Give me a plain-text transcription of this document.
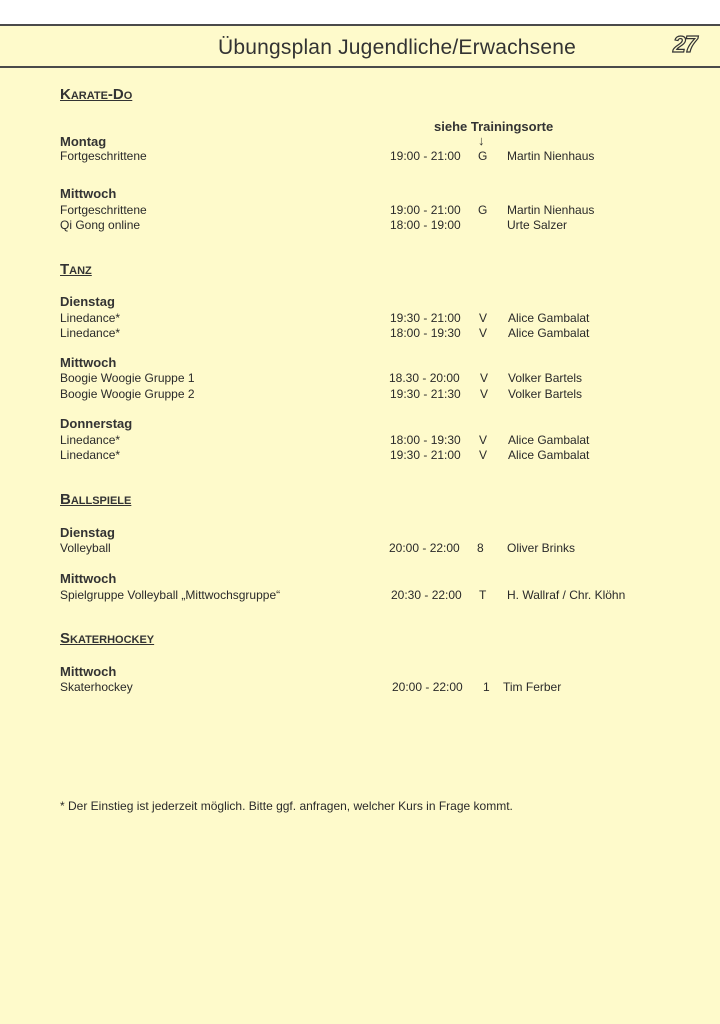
Übungsplan Jugendliche/Erwachsene	27
Karate-Do
siehe Trainingsorte
↓
Montag
Fortgeschrittene	19:00 - 21:00 G Martin Nienhaus
Mittwoch
Fortgeschrittene	19:00 - 21:00 G Martin Nienhaus
Qi Gong online	18:00 - 19:00	Urte Salzer
Tanz
Dienstag
Linedance*	19:30 - 21:00 V Alice Gambalat
Linedance*	18:00 - 19:30 V Alice Gambalat
Mittwoch
Boogie Woogie Gruppe 1	18.30 - 20:00 V Volker Bartels
Boogie Woogie Gruppe 2	19:30 - 21:30 V Volker Bartels
Donnerstag
Linedance*	18:00 - 19:30 V Alice Gambalat
Linedance*	19:30 - 21:00 V Alice Gambalat
Ballspiele
Dienstag
Volleyball	20:00 - 22:00 8 Oliver Brinks
Mittwoch
Spielgruppe Volleyball „Mittwochsgruppe“	20:30 - 22:00 T H. Wallraf / Chr. Klöhn
Skaterhockey
Mittwoch
Skaterhockey	20:00 - 22:00 1 Tim Ferber
* Der Einstieg ist jederzeit möglich. Bitte ggf. anfragen, welcher Kurs in Frage kommt.
